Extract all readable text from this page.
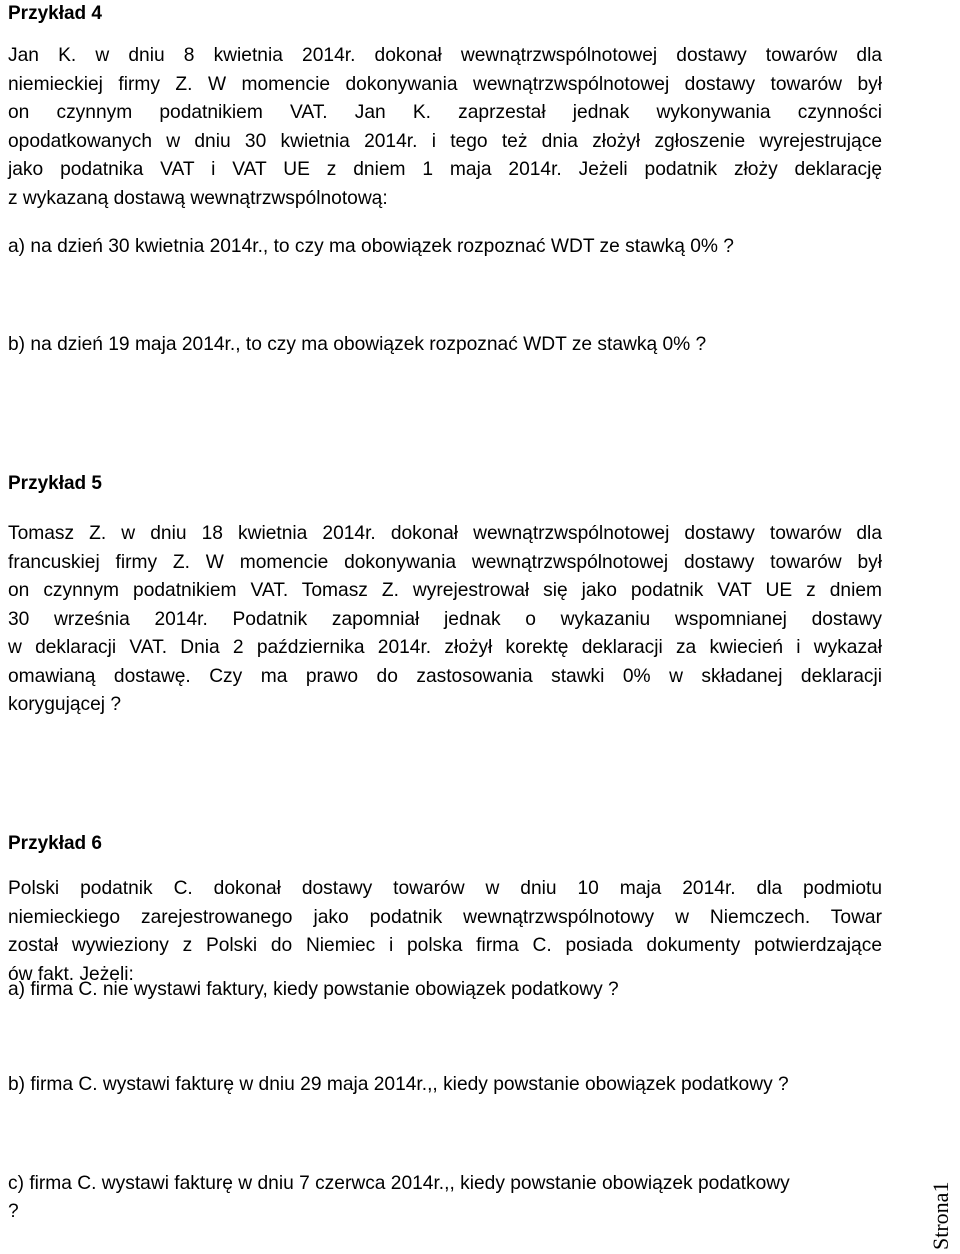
Przykład 4

Jan K. w dniu 8 kwietnia 2014r. dokonał wewnątrzwspólnotowej dostawy towarów dla
niemieckiej firmy Z. W momencie dokonywania wewnątrzwspólnotowej dostawy towarów był
on czynnym podatnikiem VAT. Jan K. zaprzestał jednak wykonywania czynności
opodatkowanych w dniu 30 kwietnia 2014r. i tego też dnia złożył zgłoszenie wyrejestrujące
jako podatnika VAT i VAT UE z dniem 1 maja 2014r. Jeżeli podatnik złoży deklarację
z wykazaną dostawą wewnątrzwspólnotową:

a) na dzień 30 kwietnia 2014r., to czy ma obowiązek rozpoznać WDT ze stawką 0% ?

b) na dzień 19 maja 2014r., to czy ma obowiązek rozpoznać WDT ze stawką 0% ?

Przykład 5

Tomasz Z. w dniu 18 kwietnia 2014r. dokonał wewnątrzwspólnotowej dostawy towarów dla
francuskiej firmy Z. W momencie dokonywania wewnątrzwspólnotowej dostawy towarów był
on czynnym podatnikiem VAT. Tomasz Z. wyrejestrował się jako podatnik VAT UE z dniem
30 września 2014r. Podatnik zapomniał jednak o wykazaniu wspomnianej dostawy
w deklaracji VAT. Dnia 2 października 2014r. złożył korektę deklaracji za kwiecień i wykazał
omawianą dostawę. Czy ma prawo do zastosowania stawki 0% w składanej deklaracji
korygującej ?

Przykład 6

Polski podatnik C. dokonał dostawy towarów w dniu 10 maja 2014r. dla podmiotu
niemieckiego zarejestrowanego jako podatnik wewnątrzwspólnotowy w Niemczech. Towar
został wywieziony z Polski do Niemiec i polska firma C. posiada dokumenty potwierdzające
ów fakt. Jeżeli:

a) firma C. nie wystawi faktury, kiedy powstanie obowiązek podatkowy ?

b) firma C. wystawi fakturę w dniu 29 maja 2014r.,, kiedy powstanie obowiązek podatkowy ?

c) firma C. wystawi fakturę w dniu 7 czerwca 2014r.,, kiedy powstanie obowiązek podatkowy

?	Strona1
